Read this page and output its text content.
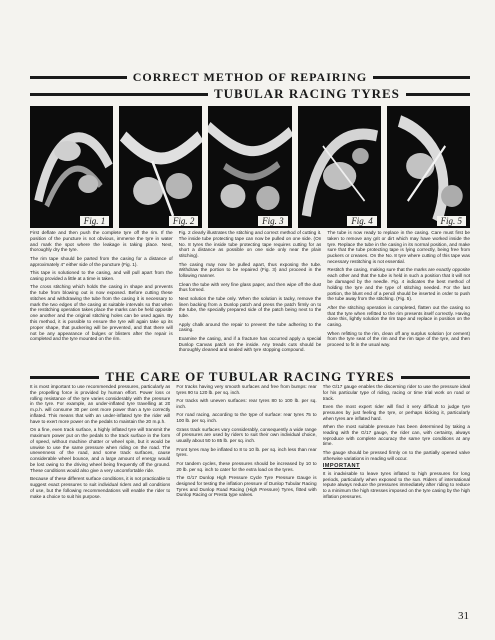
CORRECT METHOD OF REPAIRING
TUBULAR RACING TYRES
Fig. 1	Fig. 2	Fig. 3	Fig. 4	Fig. 5

First deflate and then push the complete tyre off the rim. If the position of the puncture is not obvious, immerse the tyre in water and mark the spot where the leakage is taking place. Next, thoroughly dry the tyre.

The rim tape should be parted from the casing for a distance of approximately 4" either side of the puncture (Fig. 1).

This tape is solutioned to the casing, and will pull apart from the casing provided a little at a time is taken.

The cross stitching which holds the casing in shape and prevents the tube from blowing out is now exposed. Before cutting these stitches and withdrawing the tube from the casing it is necessary to mark the two edges of the casing at suitable intervals so that when the restitching operation takes place the marks can be held opposite one another and the original stitching holes can be used again. By this method, it is possible to ensure the tyre will again take up its proper shape, that puckering will be prevented, and that there will not be any appearance of bulges or blisters after the repair is completed and the tyre mounted on the rim.

Fig. 2 clearly illustrates the stitching and correct method of cutting it. The inside tube protecting tape can now be pulled on one side. (On No. 8 tyres the inside tube protecting tape requires cutting for as short a distance as possible on one side only near the plain stitching).

The casing may now be pulled apart, thus exposing the tube. Withdraw the portion to be repaired (Fig. 3) and proceed in the following manner.

Clean the tube with very fine glass paper, and then wipe off the dust thus formed.

Next solution the tube only. When the solution is tacky, remove the linen backing from a Dunlop patch and press the patch firmly on to the tube, the specially prepared side of the patch being next to the tube.

Apply chalk around the repair to prevent the tube adhering to the casing.

Examine the casing, and if a fracture has occurred apply a special Dunlop Canvas patch on the inside. Any treads cuts should be thoroughly cleaned and sealed with tyre stopping compound.

The tube is now ready to replace in the casing. Care must first be taken to remove any grit or dirt which may have worked inside the tyre. Replace the tube in the casing in its normal position, and make sure that the tube protecting tape is lying correctly, being free from puckers or creases. On the No. 8 tyre where cutting of this tape was necessary restitching is not essential.

Restitch the casing, making sure that the marks are exactly opposite each other and that the tube is held in such a position that it will not be damaged by the needle. Fig. 4 indicates the best method of holding the tyre and the type of stitching needed. For the last portion, the blunt end of a pencil should be inserted in order to push the tube away from the stitching. (Fig. 5).

After the stitching operation is completed, flatten out the casing so that the tyre when refitted to the rim presents itself correctly. Having done this, lightly solution the rim tape and replace in position on the casing.

When refitting to the rim, clean off any surplus solution (or cement) from the tyre seat of the rim and the rim tape of the tyre, and then proceed to fit in the usual way.

THE CARE OF TUBULAR RACING TYRES

It is most important to use recommended pressures, particularly as the propelling force is provided by human effort. Power loss or rolling resistance of the tyre varies considerably with the pressure in the tyre. For example, an under-inflated tyre travelling at 20 m.p.h. will consume 30 per cent more power than a tyre correctly inflated. This means that with an under-inflated tyre the rider will have to exert more power on the pedals to maintain the 20 m.p.h.

On a fine, even track surface, a highly inflated tyre will transmit the maximum power put on the pedals to the track surface in the form of speed, without machine chatter or wheel spin, but it would be unwise to use the same pressure when riding on the road. The unevenness of the road, and some track surfaces, cause considerable wheel bounce, and a large amount of energy would be lost owing to the driving wheel being frequently off the ground. These conditions would also give a very uncomfortable ride.

Because of these different surface conditions, it is not practicable to suggest exact pressures to suit individual riders and all conditions of use, but the following recommendations will enable the rider to make a choice to suit his purpose.

For tracks having very smooth surfaces and free from bumps: rear tyres 90 to 120 lb. per sq. inch.

For tracks with uneven surfaces: rear tyres 80 to 100 lb. per sq. inch.

For road racing, according to the type of surface: rear tyres 75 to 100 lb. per sq. inch.

Grass track surfaces vary considerably, consequently a wide range of pressures are used by riders to suit their own individual choice, usually about 50 to 85 lb. per sq. inch.

Front tyres may be inflated to 8 to 10 lb. per sq. inch less than rear tyres.

For tandem cycles, these pressures should be increased by 10 to 20 lb. per sq. inch to cater for the extra load on the tyres.

The G/17 Dunlop High Pressure Cycle Tyre Pressure Gauge is designed for testing the inflation pressure of Dunlop Tubular Racing Tyres and Dunlop Road Racing (High Pressure) Tyres, fitted with Dunlop Racing or Presta type valves.

The G/17 gauge enables the discerning rider to use the pressure ideal for his particular type of riding, racing or time trial work on road or track.

Even the most expert rider will find it very difficult to judge tyre pressures by just feeling the tyre, or perhaps kicking it, particularly when tyres are inflated hard.

When the most suitable pressure has been determined by taking a reading with the G/17 gauge, the rider can, with certainty, always reproduce with complete accuracy the same tyre conditions at any time.

The gauge should be pressed firmly on to the partially opened valve otherwise variations in reading will occur.

IMPORTANT

It is inadvisable to leave tyres inflated to high pressures for long periods, particularly when exposed to the sun. Riders of international repute always reduce the pressures immediately after riding to reduce to a minimum the high stresses imposed on the tyre casing by the high inflation pressures.

31
